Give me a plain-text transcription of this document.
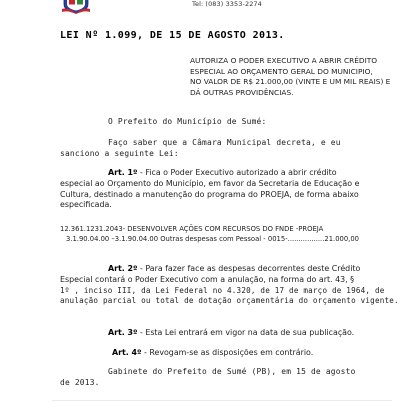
Tel: (083) 3353-2274
LEI Nº 1.099, DE 15 DE AGOSTO 2013.
AUTORIZA O PODER EXECUTIVO A ABRIR CRÉDITO
ESPECIAL AO ORÇAMENTO GERAL DO MUNICIPIO,
NO VALOR DE R$ 21.000,00 (VINTE E UM MIL REAIS) E
DÁ OUTRAS PROVIDÊNCIAS.
O Prefeito do Município de Sumé:
Faço saber que a Câmara Municipal decreta, e eu
sanciono a seguinte Lei:
Art. 1º - Fica o Poder Executivo autorizado a abrir crédito
especial ao Orçamento do Município, em favor da Secretaria de Educação e
Cultura, destinado a manutenção do programa do PROEJA, de forma abaixo
especificada.
12.361.1231.2043- DESENVOLVER AÇÕES COM RECURSOS DO FNDE -PROEJA
3.1.90.04.00 –3.1.90.04.00 Outras despesas com Pessoal - 0015-.................21.000,00
Art. 2º - Para fazer face as despesas decorrentes deste Crédito
Especial contará o Poder Executivo com a anulação, na forma do art. 43, §
1º , inciso III, da Lei Federal no 4.320, de 17 de março de 1964, de
anulação parcial ou total de dotação orçamentária do orçamento vigente.
Art. 3º - Esta Lei entrará em vigor na data de sua publicação.
Art. 4º - Revogam-se as disposições em contrário.
Gabinete do Prefeito de Sumé (PB), em 15 de agosto
de 2013.
